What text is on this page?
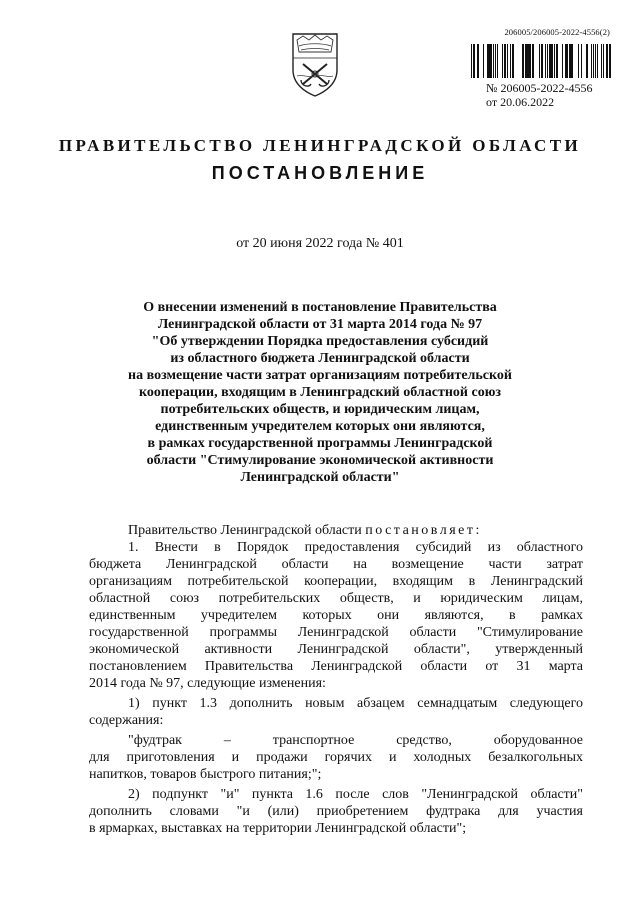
206005/206005-2022-4556(2)
№ 206005-2022-4556
от 20.06.2022
ПРАВИТЕЛЬСТВО ЛЕНИНГРАДСКОЙ ОБЛАСТИ
ПОСТАНОВЛЕНИЕ
от 20 июня 2022 года № 401
О внесении изменений в постановление Правительства
Ленинградской области от 31 марта 2014 года № 97
"Об утверждении Порядка предоставления субсидий
из областного бюджета Ленинградской области
на возмещение части затрат организациям потребительской
кооперации, входящим в Ленинградский областной союз
потребительских обществ, и юридическим лицам,
единственным учредителем которых они являются,
в рамках государственной программы Ленинградской
области "Стимулирование экономической активности
Ленинградской области"
Правительство Ленинградской области постановляет:
1. Внести в Порядок предоставления субсидий из областного
бюджета Ленинградской области на возмещение части затрат
организациям потребительской кооперации, входящим в Ленинградский
областной союз потребительских обществ, и юридическим лицам,
единственным учредителем которых они являются, в рамках
государственной программы Ленинградской области "Стимулирование
экономической активности Ленинградской области", утвержденный
постановлением Правительства Ленинградской области от 31 марта
2014 года № 97, следующие изменения:
1) пункт 1.3 дополнить новым абзацем семнадцатым следующего
содержания:
"фудтрак – транспортное средство, оборудованное
для приготовления и продажи горячих и холодных безалкогольных
напитков, товаров быстрого питания;";
2) подпункт "и" пункта 1.6 после слов "Ленинградской области"
дополнить словами "и (или) приобретением фудтрака для участия
в ярмарках, выставках на территории Ленинградской области";
